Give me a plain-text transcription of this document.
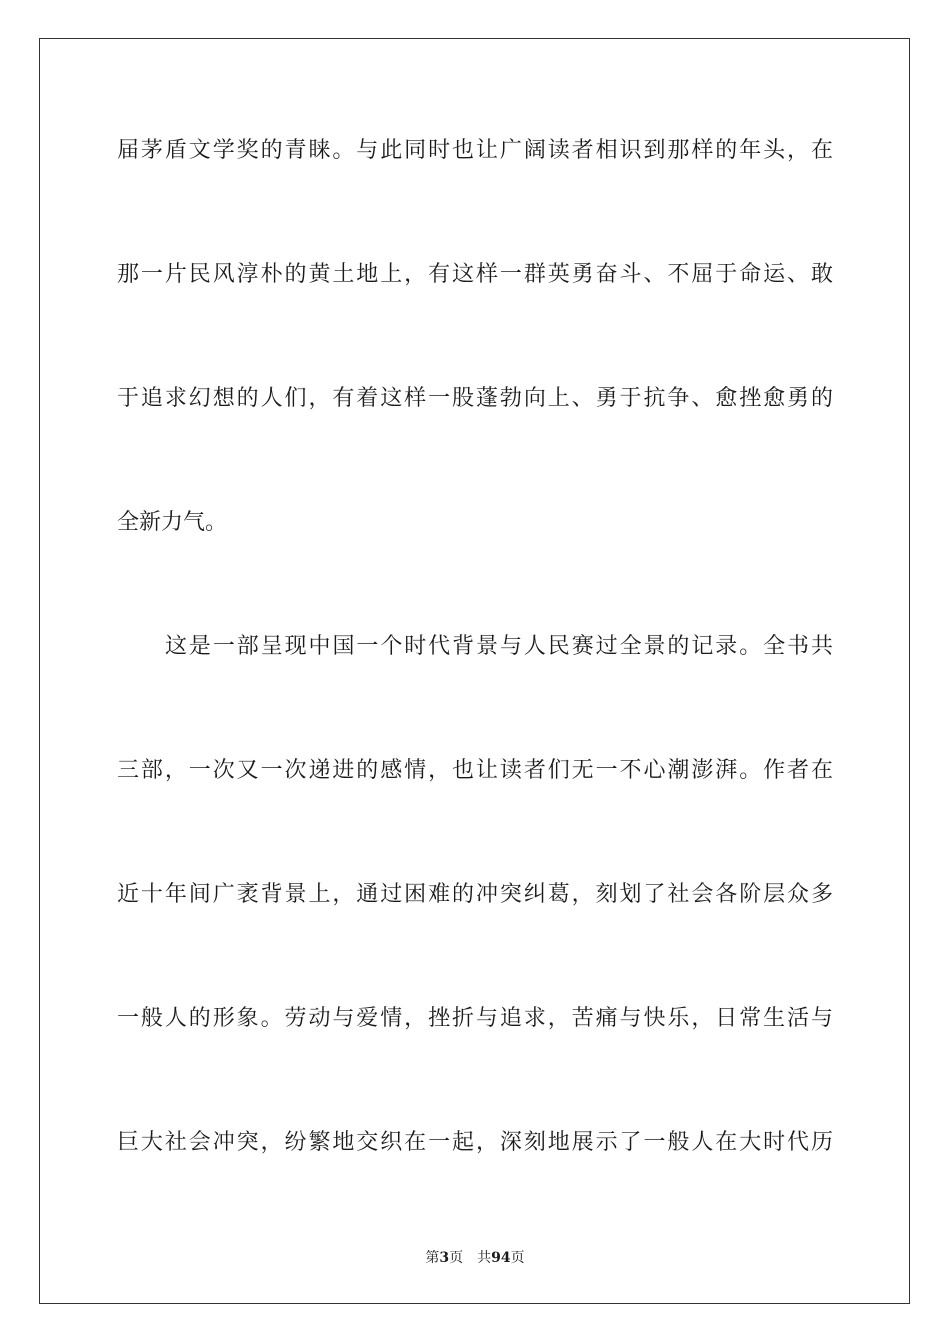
届茅盾文学奖的青睐。与此同时也让广阔读者相识到那样的年头，在
那一片民风淳朴的黄土地上，有这样一群英勇奋斗、不屈于命运、敢
于追求幻想的人们，有着这样一股蓬勃向上、勇于抗争、愈挫愈勇的
全新力气。
这是一部呈现中国一个时代背景与人民赛过全景的记录。全书共
三部，一次又一次递进的感情，也让读者们无一不心潮澎湃。作者在
近十年间广袤背景上，通过困难的冲突纠葛，刻划了社会各阶层众多
一般人的形象。劳动与爱情，挫折与追求，苦痛与快乐，日常生活与
巨大社会冲突，纷繁地交织在一起，深刻地展示了一般人在大时代历
第3页 共94页
